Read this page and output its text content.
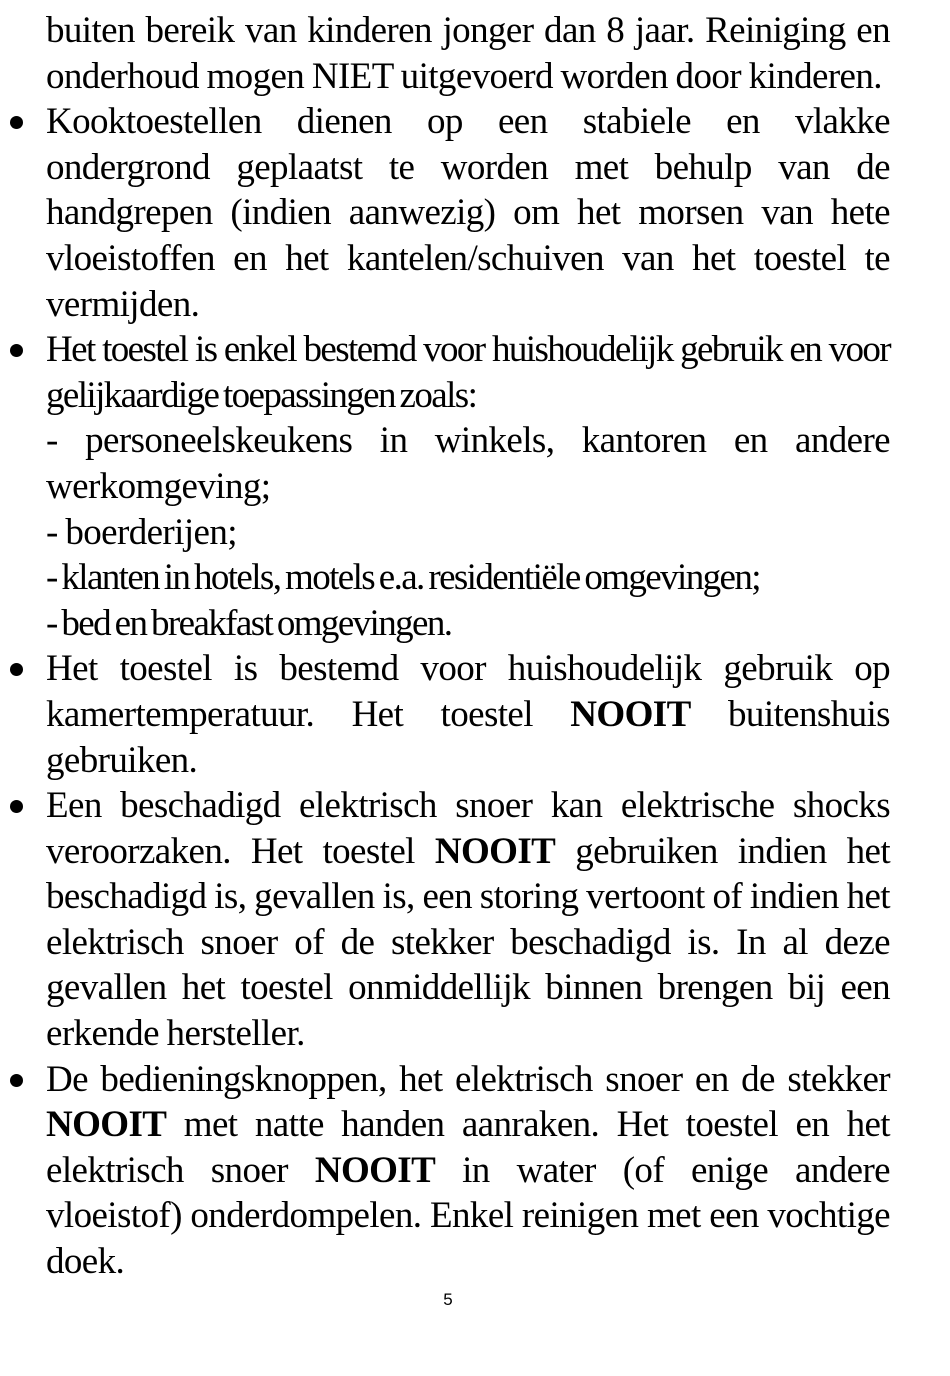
buiten bereik van kinderen jonger dan 8 jaar. Reiniging en onderhoud mogen NIET uitgevoerd worden door kinderen.

Kooktoestellen dienen op een stabiele en vlakke ondergrond geplaatst te worden met behulp van de handgrepen (indien aanwezig) om het morsen van hete vloeistoffen en het kantelen/schuiven van het toestel te vermijden.
Het toestel is enkel bestemd voor huishoudelijk gebruik en voor gelijkaardige toepassingen zoals:
- personeelskeukens in winkels, kantoren en andere werkomgeving;
- boerderijen;
- klanten in hotels, motels e.a. residentiële omgevingen;
- bed en breakfast omgevingen.
Het toestel is bestemd voor huishoudelijk gebruik op kamertemperatuur. Het toestel NOOIT buitenshuis gebruiken.
Een beschadigd elektrisch snoer kan elektrische shocks veroorzaken. Het toestel NOOIT gebruiken indien het beschadigd is, gevallen is, een storing vertoont of indien het elektrisch snoer of de stekker beschadigd is. In al deze gevallen het toestel onmiddellijk binnen brengen bij een erkende hersteller.
De bedieningsknoppen, het elektrisch snoer en de stekker NOOIT met natte handen aanraken. Het toestel en het elektrisch snoer NOOIT in water (of enige andere vloeistof) onderdompelen. Enkel reinigen met een vochtige doek.
5
